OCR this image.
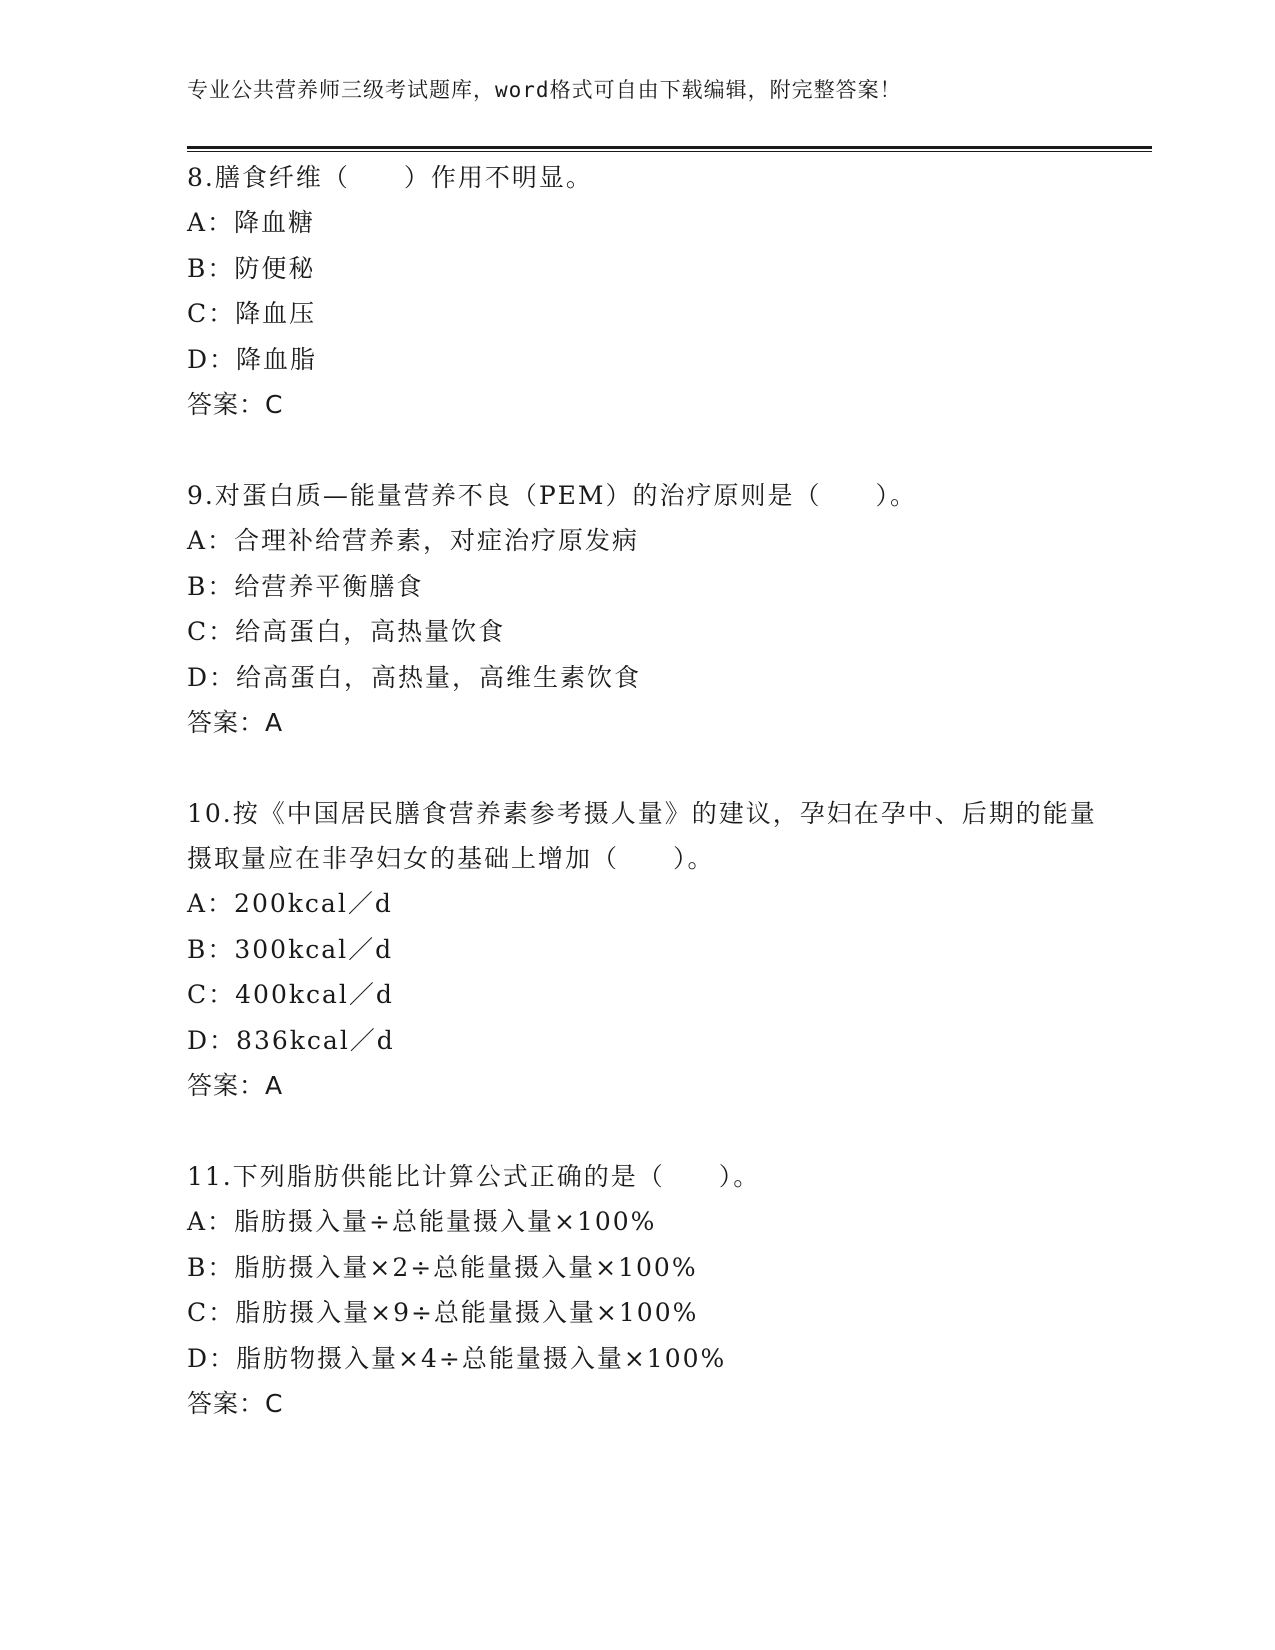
专业公共营养师三级考试题库，word格式可自由下载编辑，附完整答案！
8.膳食纤维（　　）作用不明显。
A：降血糖
B：防便秘
C：降血压
D：降血脂
答案：C
9.对蛋白质—能量营养不良（PEM）的治疗原则是（　　）。
A：合理补给营养素，对症治疗原发病
B：给营养平衡膳食
C：给高蛋白，高热量饮食
D：给高蛋白，高热量，高维生素饮食
答案：A
10.按《中国居民膳食营养素参考摄人量》的建议，孕妇在孕中、后期的能量摄取量应在非孕妇女的基础上增加（　　）。
A：200kcal／d
B：300kcal／d
C：400kcal／d
D：836kcal／d
答案：A
11.下列脂肪供能比计算公式正确的是（　　）。
A：脂肪摄入量÷总能量摄入量×100%
B：脂肪摄入量×2÷总能量摄入量×100%
C：脂肪摄入量×9÷总能量摄入量×100%
D：脂肪物摄入量×4÷总能量摄入量×100%
答案：C
